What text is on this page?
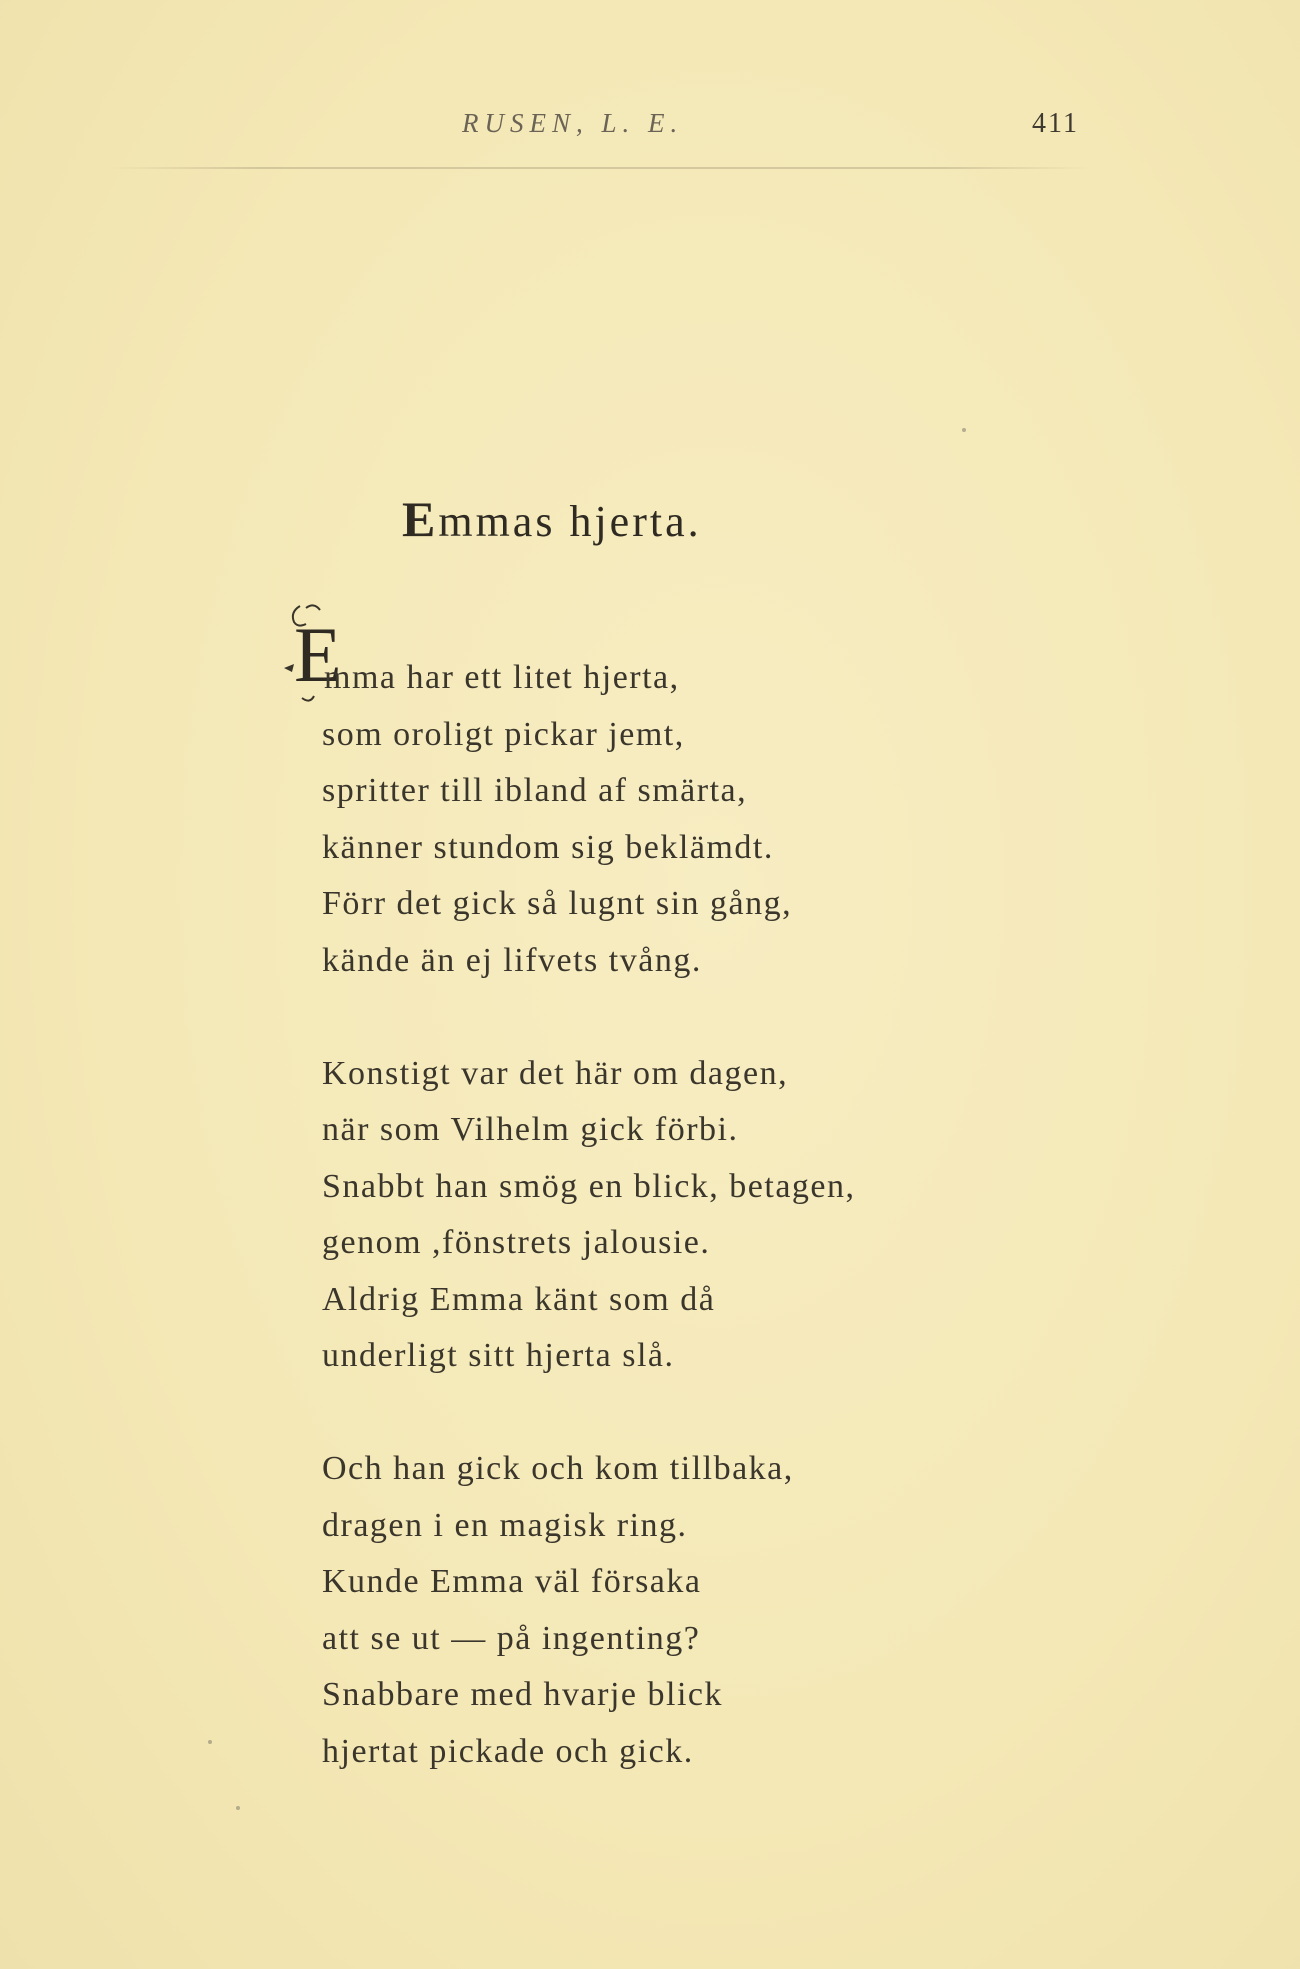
RUSEN, L. E.	411
Emmas hjerta.
E
mma har ett litet hjerta,
som oroligt pickar jemt,
spritter till ibland af smärta,
känner stundom sig beklämdt.
Förr det gick så lugnt sin gång,
kände än ej lifvets tvång.
Konstigt var det här om dagen,
när som Vilhelm gick förbi.
Snabbt han smög en blick, betagen,
genom ,fönstrets jalousie.
Aldrig Emma känt som då
underligt sitt hjerta slå.
Och han gick och kom tillbaka,
dragen i en magisk ring.
Kunde Emma väl försaka
att se ut — på ingenting?
Snabbare med hvarje blick
hjertat pickade och gick.
